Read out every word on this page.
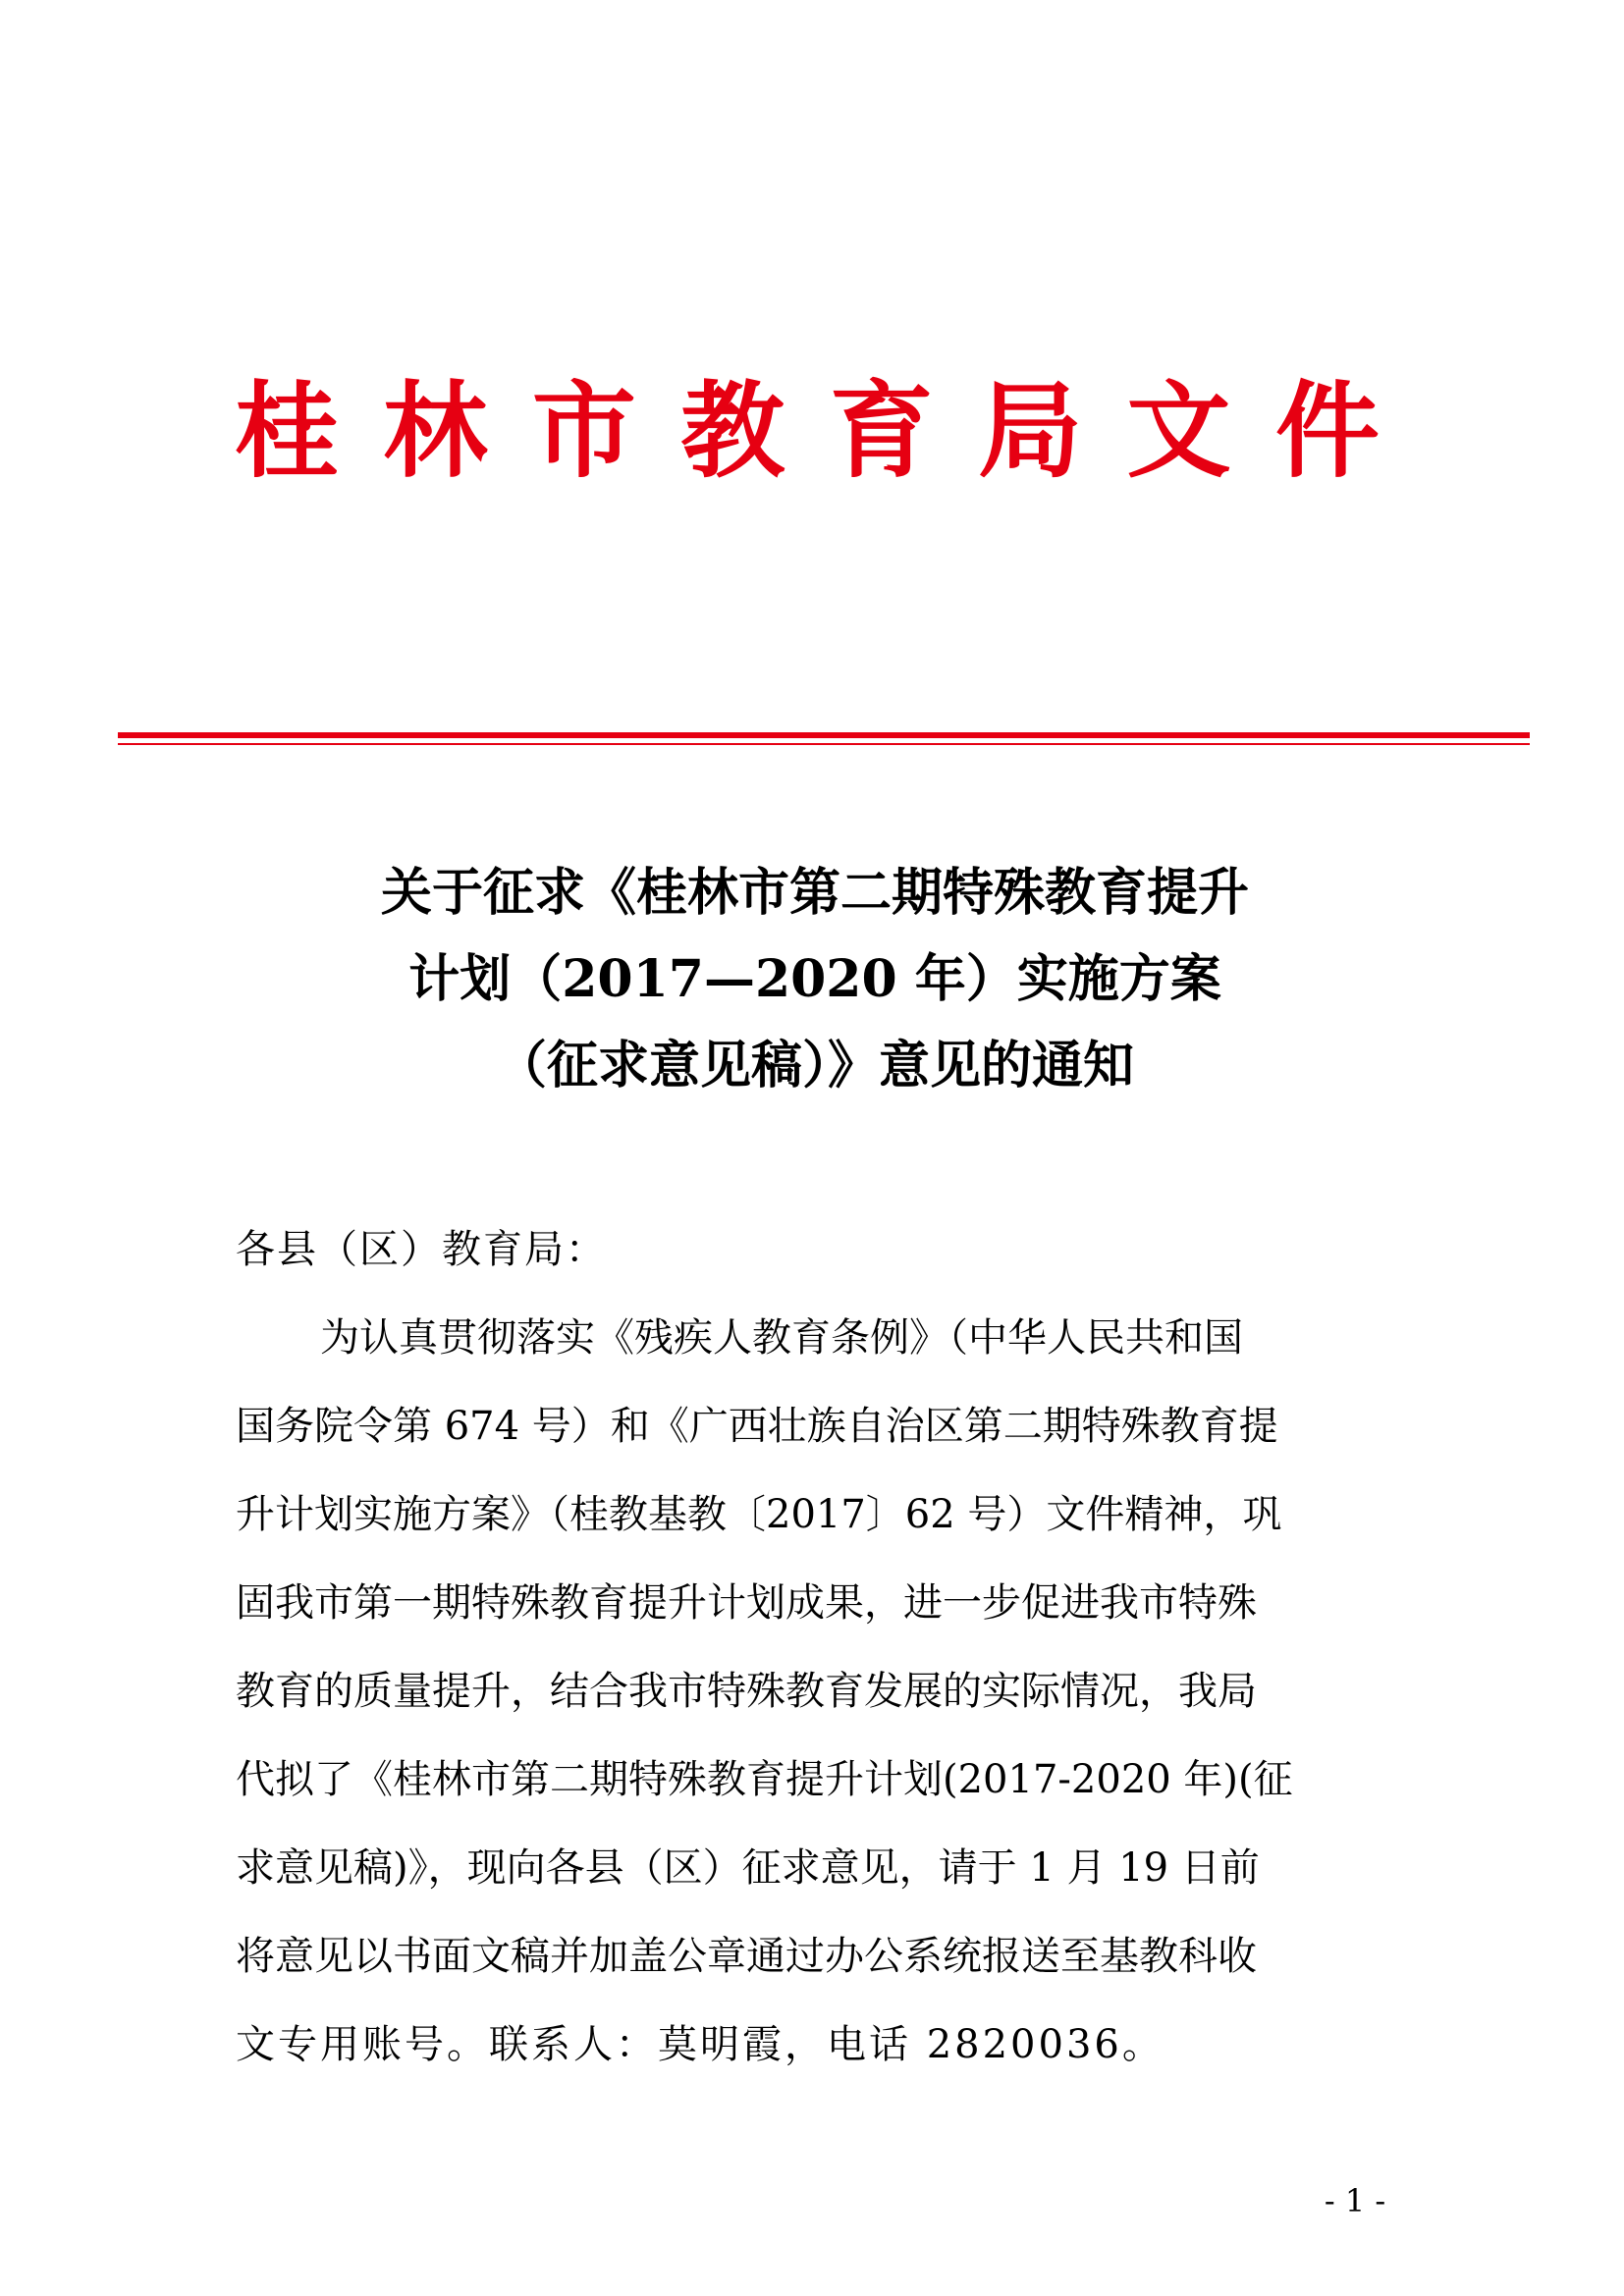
桂 林 市 教 育 局 文 件
关于征求《桂林市第二期特殊教育提升
计划（2017—2020 年）实施方案
（征求意见稿）》意见的通知
各县（区）教育局：
为认真贯彻落实《残疾人教育条例》（中华人民共和国
国务院令第 674 号）和《广西壮族自治区第二期特殊教育提
升计划实施方案》（桂教基教〔2017〕62 号）文件精神，巩
固我市第一期特殊教育提升计划成果，进一步促进我市特殊
教育的质量提升，结合我市特殊教育发展的实际情况，我局
代拟了《桂林市第二期特殊教育提升计划(2017-2020 年)(征
求意见稿)》，现向各县（区）征求意见，请于 1 月 19 日前
将意见以书面文稿并加盖公章通过办公系统报送至基教科收
文专用账号。联系人：莫明霞，电话 2820036。
- 1 -
